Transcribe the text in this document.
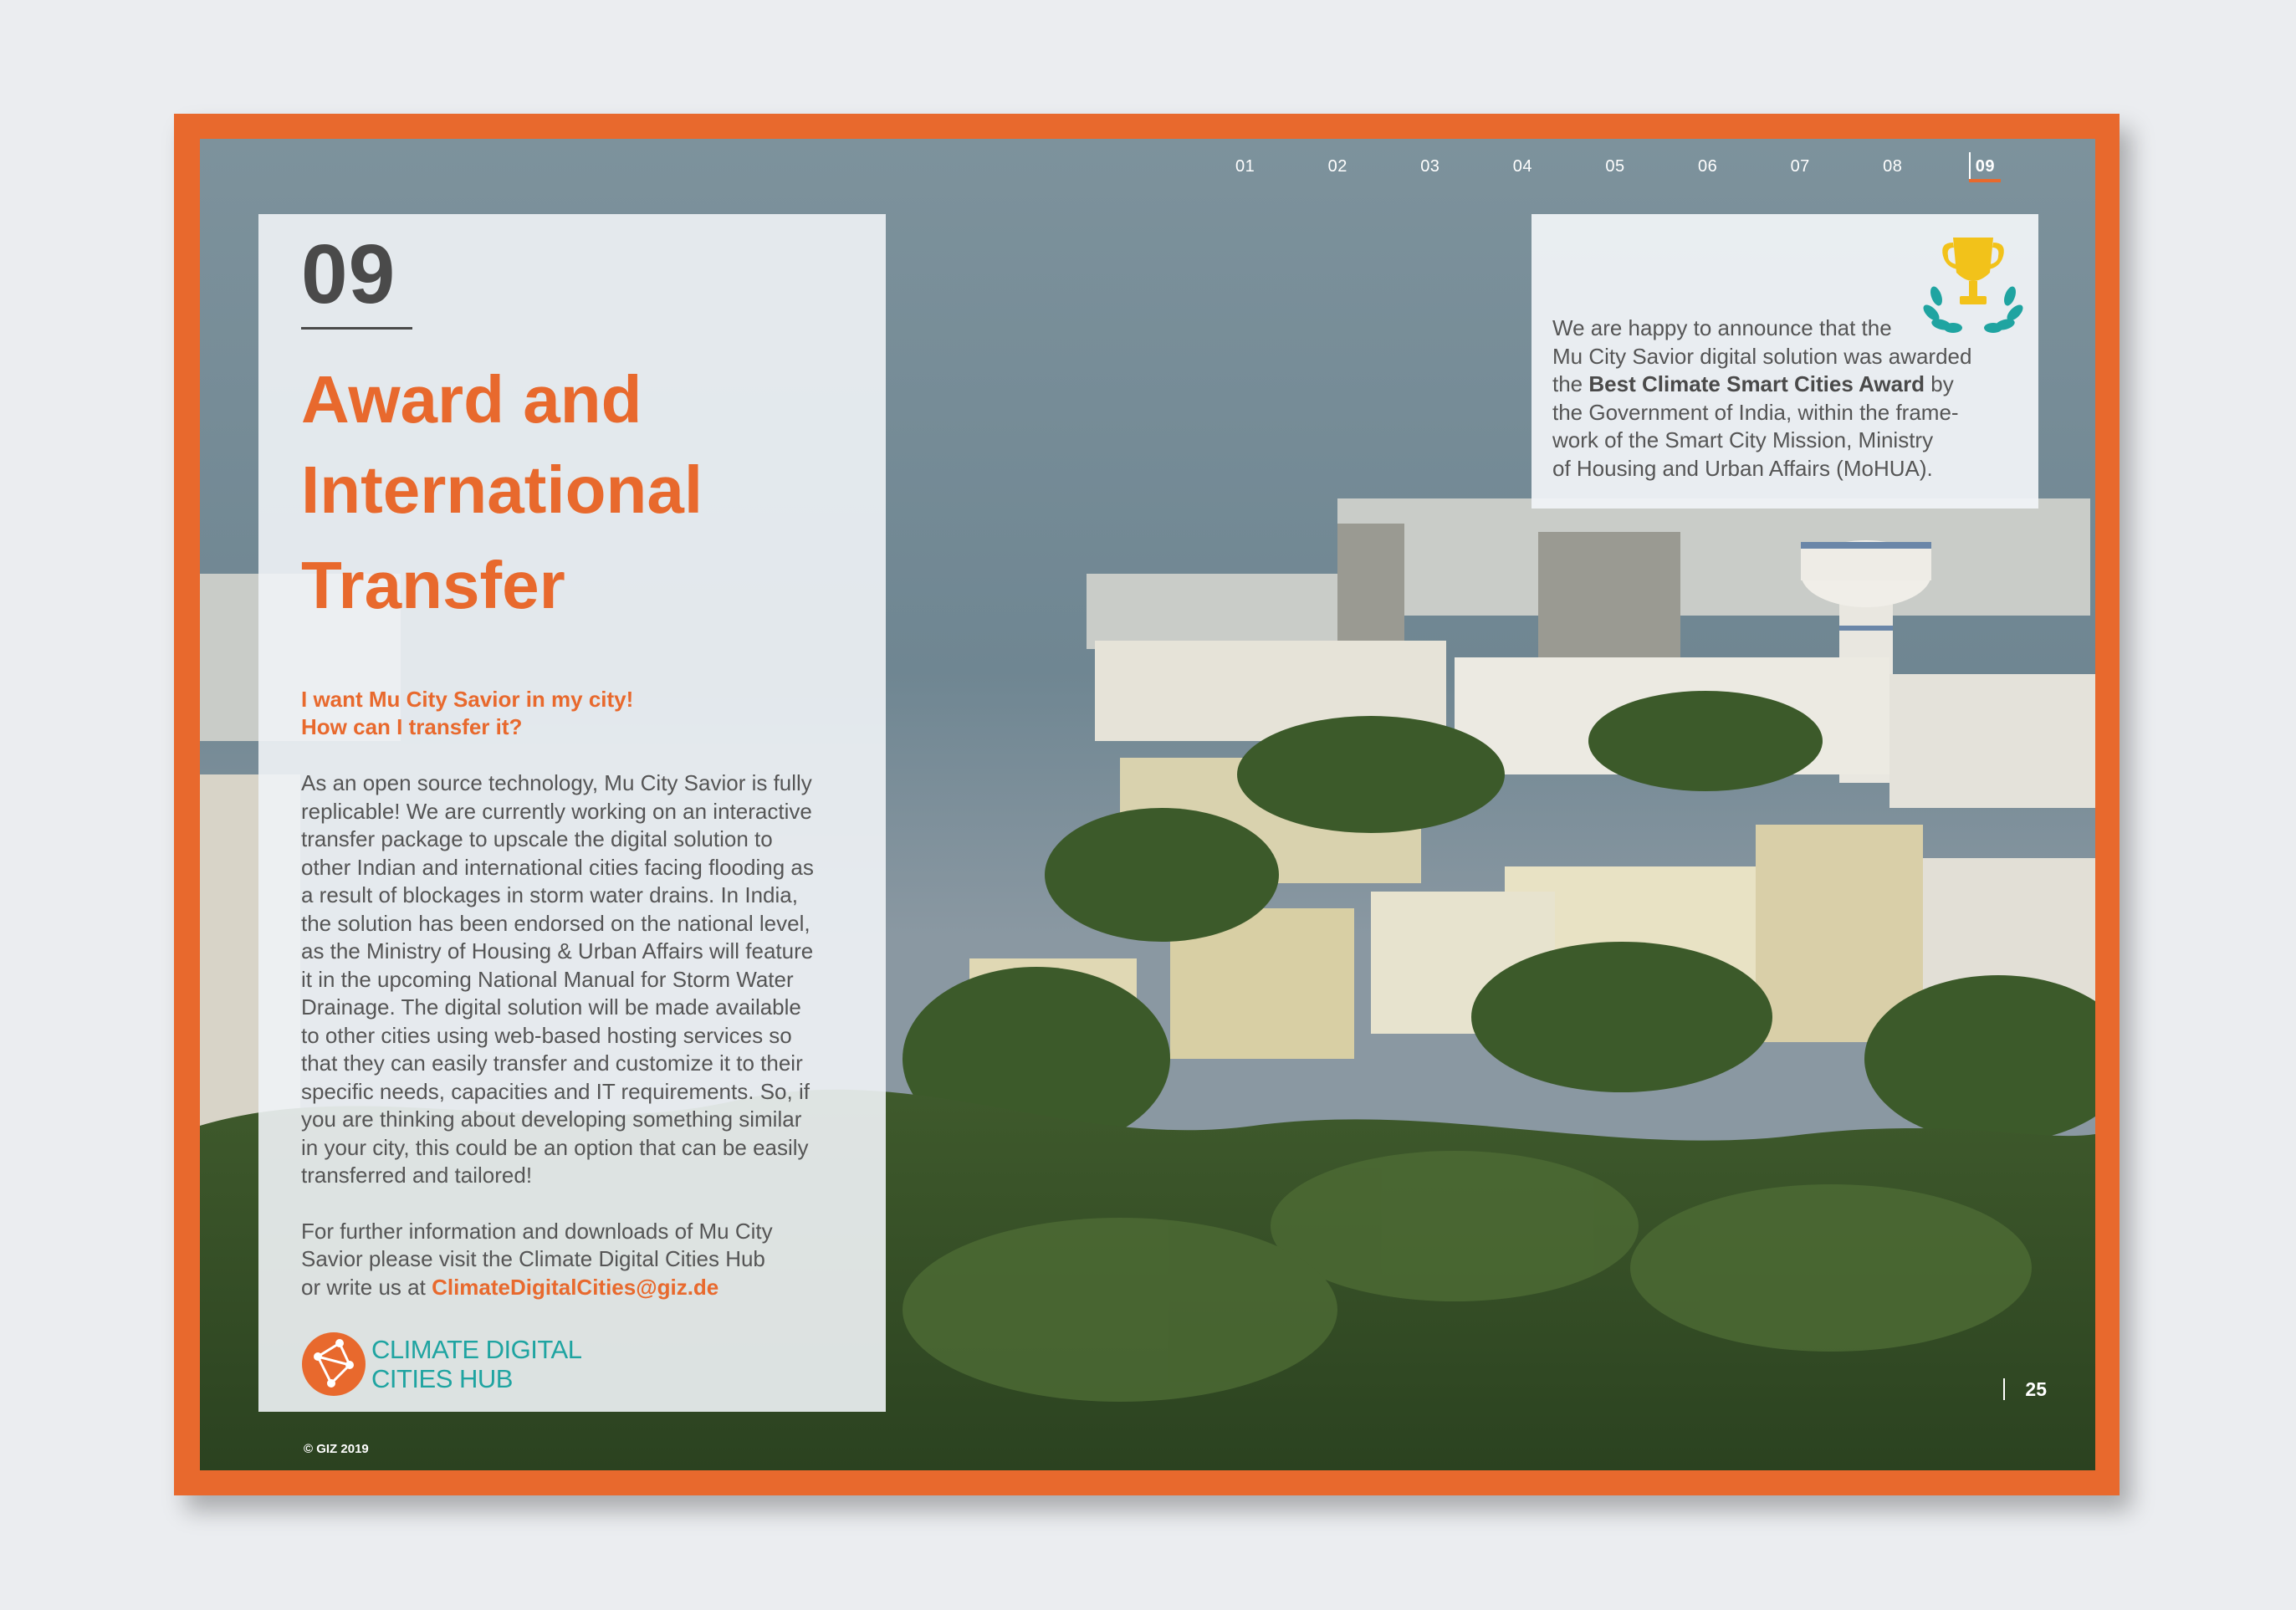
01	02	03	04	05	06	07	08	09
09
Award and
International
Transfer
I want Mu City Savior in my city!
How can I transfer it?

As an open source technology, Mu City Savior is fully
replicable! We are currently working on an interactive
transfer package to upscale the digital solution to
other Indian and international cities facing flooding as
a result of blockages in storm water drains. In India,
the solution has been endorsed on the national level,
as the Ministry of Housing & Urban Affairs will feature
it in the upcoming National Manual for Storm Water
Drainage. The digital solution will be made available
to other cities using web-based hosting services so
that they can easily transfer and customize it to their
specific needs, capacities and IT requirements. So, if
you are thinking about developing something similar
in your city, this could be an option that can be easily
transferred and tailored!

For further information and downloads of Mu City
Savior please visit the Climate Digital Cities Hub
or write us at ClimateDigitalCities@giz.de

CLIMATE DIGITAL
CITIES HUB
We are happy to announce that the
Mu City Savior digital solution was awarded
the Best Climate Smart Cities Award by
the Government of India, within the frame-
work of the Smart City Mission, Ministry
of Housing and Urban Affairs (MoHUA).
25
© GIZ 2019
